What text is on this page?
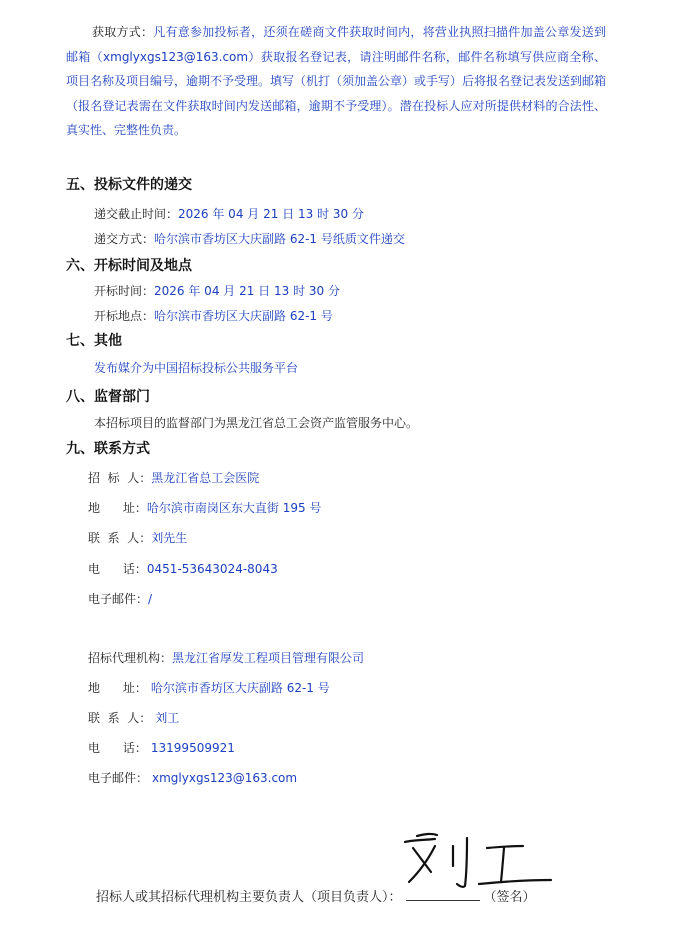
获取方式：凡有意参加投标者，还须在磋商文件获取时间内，将营业执照扫描件加盖公章发送到邮箱（xmglyxgs123@163.com）获取报名登记表，请注明邮件名称，邮件名称填写供应商全称、项目名称及项目编号，逾期不予受理。填写（机打（须加盖公章）或手写）后将报名登记表发送到邮箱（报名登记表需在文件获取时间内发送邮箱，逾期不予受理）。潜在投标人应对所提供材料的合法性、真实性、完整性负责。
五、投标文件的递交
递交截止时间：2026 年 04 月 21 日 13 时 30 分
递交方式：哈尔滨市香坊区大庆副路 62-1 号纸质文件递交
六、开标时间及地点
开标时间：2026 年 04 月 21 日 13 时 30 分
开标地点：哈尔滨市香坊区大庆副路 62-1 号
七、其他
发布媒介为中国招标投标公共服务平台
八、监督部门
本招标项目的监督部门为黑龙江省总工会资产监管服务中心。
九、联系方式
招  标  人：黑龙江省总工会医院
地      址：哈尔滨市南岗区东大直街 195 号
联  系  人：刘先生
电      话：0451-53643024-8043
电子邮件：/
招标代理机构：黑龙江省厚发工程项目管理有限公司
地      址： 哈尔滨市香坊区大庆副路 62-1 号
联  系  人： 刘工
电      话： 13199509921
电子邮件： xmglyxgs123@163.com
招标人或其招标代理机构主要负责人（项目负责人）：	（签名）
